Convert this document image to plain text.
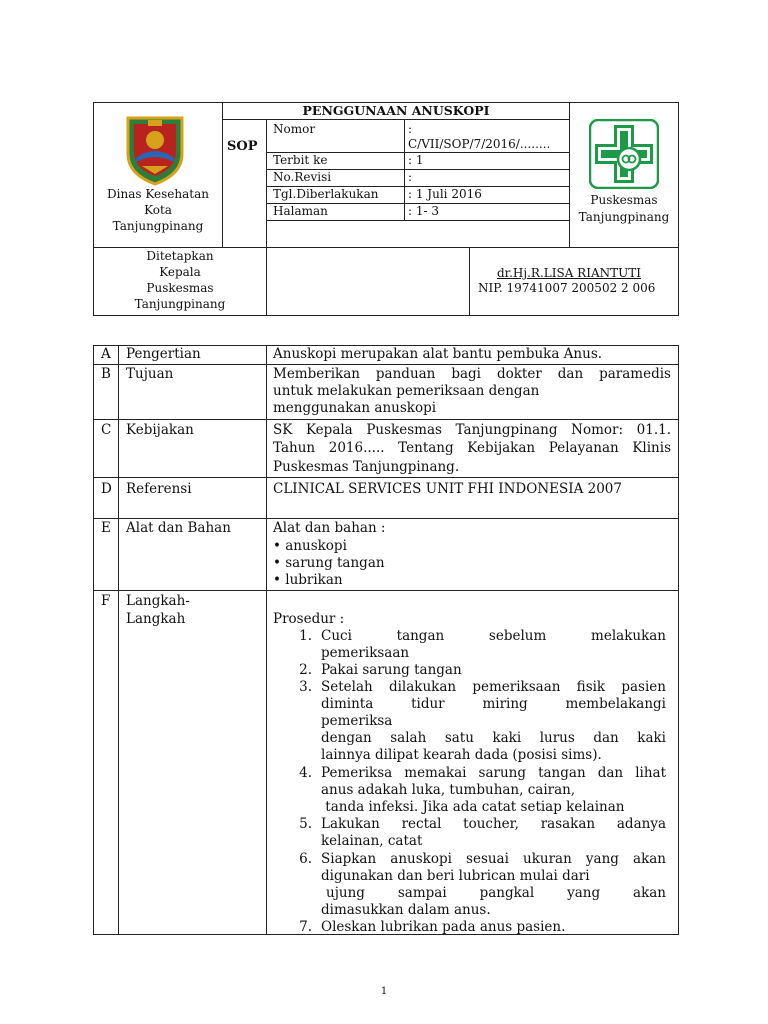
Dinas Kesehatan
Kota
Tanjungpinang
PENGGUNAAN ANUSKOPI
SOP
Nomor	:
C/VII/SOP/7/2016/........
Terbit ke	: 1
No.Revisi	:
Tgl.Diberlakukan : 1 Juli 2016
Halaman	: 1- 3
Puskesmas
Tanjungpinang
Ditetapkan
Kepala
Puskesmas
Tanjungpinang
dr.Hj.R.LISA RIANTUTI
NIP. 19741007 200502 2 006
A Pengertian	Anuskopi merupakan alat bantu pembuka Anus.
B Tujuan	Memberikan panduan bagi dokter dan paramedis
untuk melakukan pemeriksaan dengan
menggunakan anuskopi
C Kebijakan	SK Kepala Puskesmas Tanjungpinang Nomor: 01.1.
Tahun 2016..... Tentang Kebijakan Pelayanan Klinis
Puskesmas Tanjungpinang.
D Referensi	CLINICAL SERVICES UNIT FHI INDONESIA 2007
E Alat dan Bahan	Alat dan bahan :
• anuskopi
• sarung tangan
• lubrikan
F Langkah-
Langkah	Prosedur :
1. Cuci tangan sebelum melakukan
pemeriksaan
2. Pakai sarung tangan
3. Setelah dilakukan pemeriksaan fisik pasien
diminta tidur miring membelakangi
pemeriksa
dengan salah satu kaki lurus dan kaki
lainnya dilipat kearah dada (posisi sims).
4. Pemeriksa memakai sarung tangan dan lihat
anus adakah luka, tumbuhan, cairan,
tanda infeksi. Jika ada catat setiap kelainan
5. Lakukan rectal toucher, rasakan adanya
kelainan, catat
6. Siapkan anuskopi sesuai ukuran yang akan
digunakan dan beri lubrican mulai dari
ujung sampai pangkal yang akan
dimasukkan dalam anus.
7. Oleskan lubrikan pada anus pasien.
1
